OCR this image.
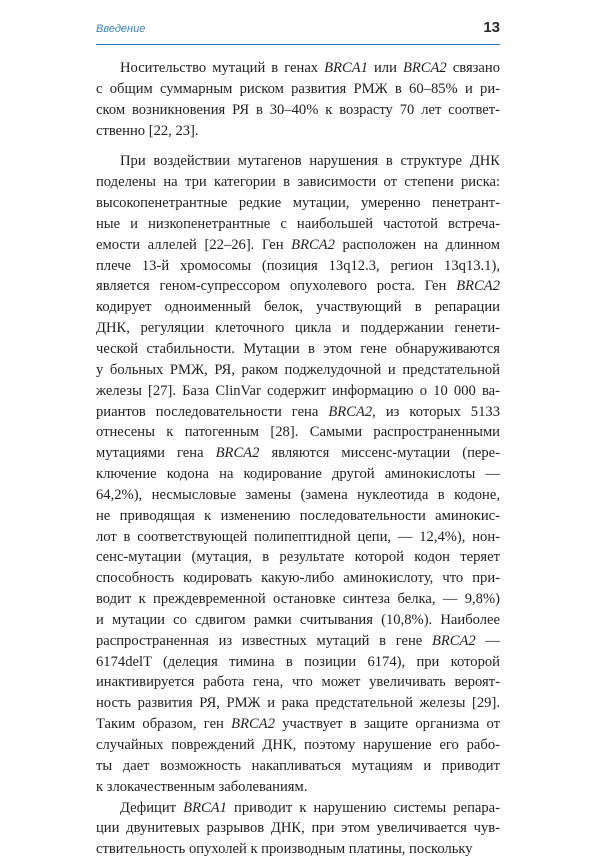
Введение	13
Носительство мутаций в генах BRCA1 или BRCA2 связано
с общим суммарным риском развития РМЖ в 60–85% и ри-
ском возникновения РЯ в 30–40% к возрасту 70 лет соответ-
ственно [22, 23].
При воздействии мутагенов нарушения в структуре ДНК
поделены на три категории в зависимости от степени риска:
высокопенетрантные редкие мутации, умеренно пенетрант-
ные и низкопенетрантные с наибольшей частотой встреча-
емости аллелей [22–26]. Ген BRCA2 расположен на длинном
плече 13-й хромосомы (позиция 13q12.3, регион 13q13.1),
является геном-супрессором опухолевого роста. Ген BRCA2
кодирует одноименный белок, участвующий в репарации
ДНК, регуляции клеточного цикла и поддержании генети-
ческой стабильности. Мутации в этом гене обнаруживаются
у больных РМЖ, РЯ, раком поджелудочной и предстательной
железы [27]. База ClinVar содержит информацию о 10 000 ва-
риантов последовательности гена BRCA2, из которых 5133
отнесены к патогенным [28]. Самыми распространенными
мутациями гена BRCA2 являются миссенс-мутации (пере-
ключение кодона на кодирование другой аминокислоты —
64,2%), несмысловые замены (замена нуклеотида в кодоне,
не приводящая к изменению последовательности аминокис-
лот в соответствующей полипептидной цепи, — 12,4%), нон-
сенс-мутации (мутация, в результате которой кодон теряет
способность кодировать какую-либо аминокислоту, что при-
водит к преждевременной остановке синтеза белка, — 9,8%)
и мутации со сдвигом рамки считывания (10,8%). Наиболее
распространенная из известных мутаций в гене BRCA2 —
6174delT (делеция тимина в позиции 6174), при которой
инактивируется работа гена, что может увеличивать вероят-
ность развития РЯ, РМЖ и рака предстательной железы [29].
Таким образом, ген BRCA2 участвует в защите организма от
случайных повреждений ДНК, поэтому нарушение его рабо-
ты дает возможность накапливаться мутациям и приводит
к злокачественным заболеваниям.
Дефицит BRCA1 приводит к нарушению системы репара-
ции двунитевых разрывов ДНК, при этом увеличивается чув-
ствительность опухолей к производным платины, поскольку
